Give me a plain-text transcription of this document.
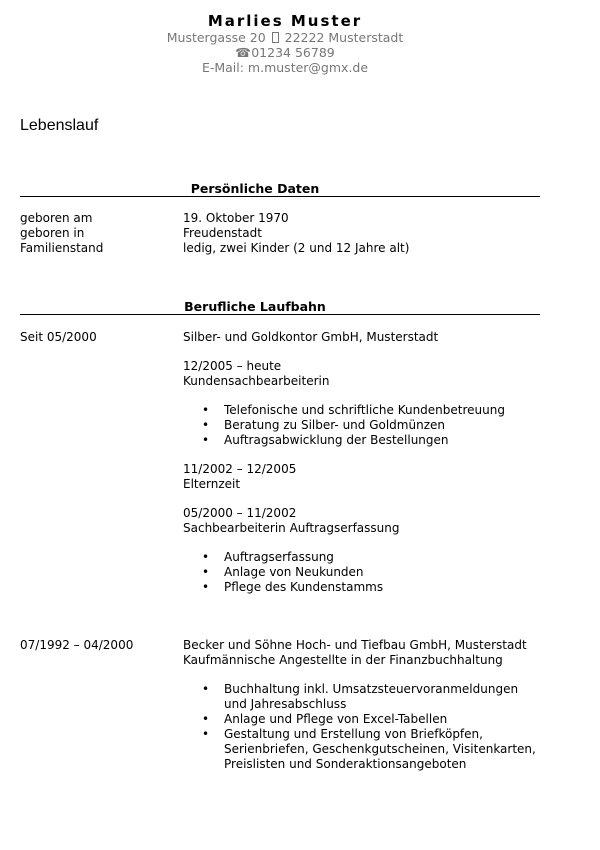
Marlies Muster
Mustergasse 20 22222 Musterstadt
☎ 01234 56789
E-Mail: m.muster@gmx.de
Lebenslauf
Persönliche Daten
geboren am	19. Oktober 1970
geboren in	Freudenstadt
Familienstand	ledig, zwei Kinder (2 und 12 Jahre alt)
Berufliche Laufbahn
Seit 05/2000	Silber- und Goldkontor GmbH, Musterstadt
12/2005 – heute
Kundensachbearbeiterin
• Telefonische und schriftliche Kundenbetreuung
• Beratung zu Silber- und Goldmünzen
• Auftragsabwicklung der Bestellungen
11/2002 – 12/2005
Elternzeit
05/2000 – 11/2002
Sachbearbeiterin Auftragserfassung
• Auftragserfassung
• Anlage von Neukunden
• Pflege des Kundenstamms
07/1992 – 04/2000	Becker und Söhne Hoch- und Tiefbau GmbH, Musterstadt
Kaufmännische Angestellte in der Finanzbuchhaltung
• Buchhaltung inkl. Umsatzsteuervoranmeldungen
und Jahresabschluss
• Anlage und Pflege von Excel-Tabellen
• Gestaltung und Erstellung von Briefköpfen,
Serienbriefen, Geschenkgutscheinen, Visitenkarten,
Preislisten und Sonderaktionsangeboten
